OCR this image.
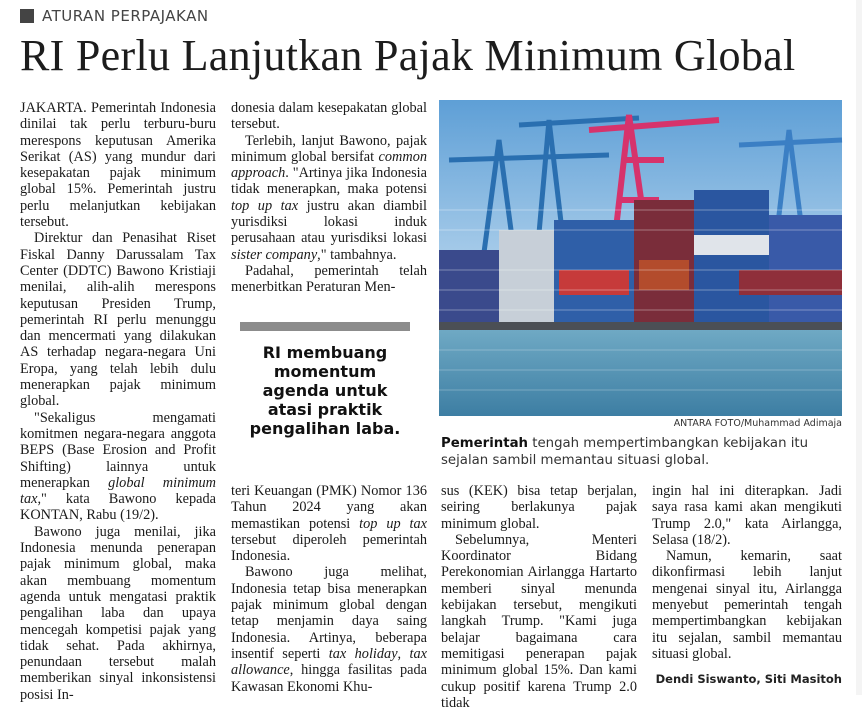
ATURAN PERPAJAKAN
RI Perlu Lanjutkan Pajak Minimum Global

JAKARTA. Pemerintah Indonesia dinilai tak perlu terburu-buru merespons keputusan Amerika Serikat (AS) yang mundur dari kesepakatan pajak minimum global 15%. Pemerintah justru perlu melanjutkan kebijakan tersebut.

Direktur dan Penasihat Riset Fiskal Danny Darussalam Tax Center (DDTC) Bawono Kristiaji menilai, alih-alih merespons keputusan Presiden Trump, pemerintah RI perlu menunggu dan mencermati yang dilakukan AS terhadap negara-negara Uni Eropa, yang telah lebih dulu menerapkan pajak minimum global.

"Sekaligus mengamati komitmen negara-negara anggota BEPS (Base Erosion and Profit Shifting) lainnya untuk menerapkan global minimum tax," kata Bawono kepada KONTAN, Rabu (19/2).

Bawono juga menilai, jika Indonesia menunda penerapan pajak minimum global, maka akan membuang momentum agenda untuk mengatasi praktik pengalihan laba dan upaya mencegah kompetisi pajak yang tidak sehat. Pada akhirnya, penundaan tersebut malah memberikan sinyal inkonsistensi posisi In-

donesia dalam kesepakatan global tersebut.

Terlebih, lanjut Bawono, pajak minimum global bersifat common approach. "Artinya jika Indonesia tidak menerapkan, maka potensi top up tax justru akan diambil yurisdiksi lokasi induk perusahaan atau yurisdiksi lokasi sister company," tambahnya.

Padahal, pemerintah telah menerbitkan Peraturan Men-

RI membuang momentum agenda untuk atasi praktik pengalihan laba.

teri Keuangan (PMK) Nomor 136 Tahun 2024 yang akan memastikan potensi top up tax tersebut diperoleh pemerintah Indonesia.

Bawono juga melihat, Indonesia tetap bisa menerapkan pajak minimum global dengan tetap menjamin daya saing Indonesia. Artinya, beberapa insentif seperti tax holiday, tax allowance, hingga fasilitas pada Kawasan Ekonomi Khu-

sus (KEK) bisa tetap berjalan, seiring berlakunya pajak minimum global.

Sebelumnya, Menteri Koordinator Bidang Perekonomian Airlangga Hartarto memberi sinyal menunda kebijakan tersebut, mengikuti langkah Trump. "Kami juga belajar bagaimana cara memitigasi penerapan pajak minimum global 15%. Dan kami cukup positif karena Trump 2.0 tidak

ingin hal ini diterapkan. Jadi saya rasa kami akan mengikuti Trump 2.0," kata Airlangga, Selasa (18/2).

Namun, kemarin, saat dikonfirmasi lebih lanjut mengenai sinyal itu, Airlangga menyebut pemerintah tengah mempertimbangkan kebijakan itu sejalan, sambil memantau situasi global.

ANTARA FOTO/Muhammad Adimaja
Pemerintah tengah mempertimbangkan kebijakan itu sejalan sambil memantau situasi global.
Dendi Siswanto, Siti Masitoh
